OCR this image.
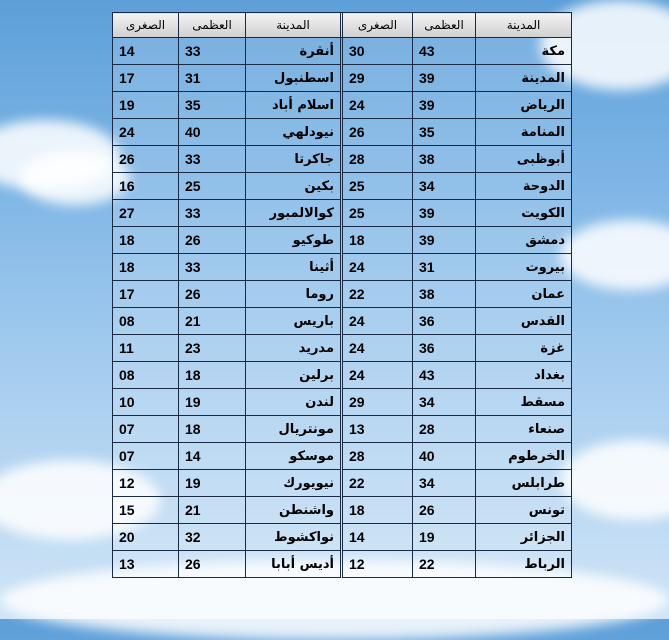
المدينة	العظمى	الصغرى		المدينة	العظمى	الصغرى
مكة	43	30		أنقرة	33	14
المدينة	39	29		اسطنبول	31	17
الرياض	39	24		اسلام أباد	35	19
المنامة	35	26		نيودلهي	40	24
أبوظبى	38	28		جاكرتا	33	26
الدوحة	34	25		بكين	25	16
الكويت	39	25		كوالالمبور	33	27
دمشق	39	18		طوكيو	26	18
بيروت	31	24		أثينا	33	18
عمان	38	22		روما	26	17
القدس	36	24		باريس	21	08
غزة	36	24		مدريد	23	11
بغداد	43	24		برلين	18	08
مسقط	34	29		لندن	19	10
صنعاء	28	13		مونتريال	18	07
الخرطوم	40	28		موسكو	14	07
طرابلس	34	22		نيويورك	19	12
تونس	26	18		واشنطن	21	15
الجزائر	19	14		نواكشوط	32	20
الرباط	22	12		أديس أبابا	26	13
